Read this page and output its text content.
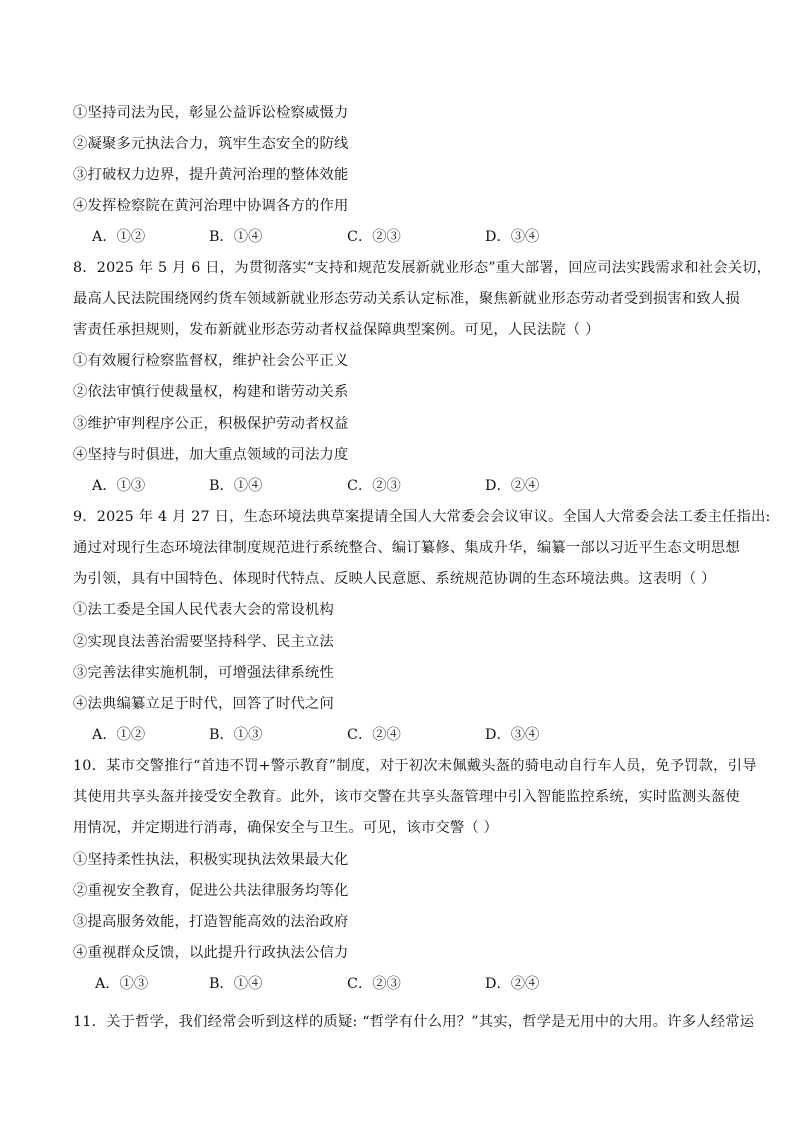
①坚持司法为民，彰显公益诉讼检察威慑力
②凝聚多元执法合力，筑牢生态安全的防线
③打破权力边界，提升黄河治理的整体效能
④发挥检察院在黄河治理中协调各方的作用
A．①②	B．①④	C．②③	D．③④
8．2025 年 5 月 6 日，为贯彻落实“支持和规范发展新就业形态”重大部署，回应司法实践需求和社会关切，
最高人民法院围绕网约货车领域新就业形态劳动关系认定标准，聚焦新就业形态劳动者受到损害和致人损
害责任承担规则，发布新就业形态劳动者权益保障典型案例。可见，人民法院（ ）
①有效履行检察监督权，维护社会公平正义
②依法审慎行使裁量权，构建和谐劳动关系
③维护审判程序公正，积极保护劳动者权益
④坚持与时俱进，加大重点领域的司法力度
A．①③	B．①④	C．②③	D．②④
9．2025 年 4 月 27 日，生态环境法典草案提请全国人大常委会会议审议。全国人大常委会法工委主任指出:
通过对现行生态环境法律制度规范进行系统整合、编订纂修、集成升华，编纂一部以习近平生态文明思想
为引领，具有中国特色、体现时代特点、反映人民意愿、系统规范协调的生态环境法典。这表明（ ）
①法工委是全国人民代表大会的常设机构
②实现良法善治需要坚持科学、民主立法
③完善法律实施机制，可增强法律系统性
④法典编纂立足于时代，回答了时代之问
A．①②	B．①③	C．②④	D．③④
10．某市交警推行“首违不罚+警示教育”制度，对于初次未佩戴头盔的骑电动自行车人员，免予罚款，引导
其使用共享头盔并接受安全教育。此外，该市交警在共享头盔管理中引入智能监控系统，实时监测头盔使
用情况，并定期进行消毒，确保安全与卫生。可见，该市交警（ ）
①坚持柔性执法，积极实现执法效果最大化
②重视安全教育，促进公共法律服务均等化
③提高服务效能，打造智能高效的法治政府
④重视群众反馈，以此提升行政执法公信力
A．①③	B．①④	C．②③	D．②④
11．关于哲学，我们经常会听到这样的质疑: “哲学有什么用？”其实，哲学是无用中的大用。许多人经常运
